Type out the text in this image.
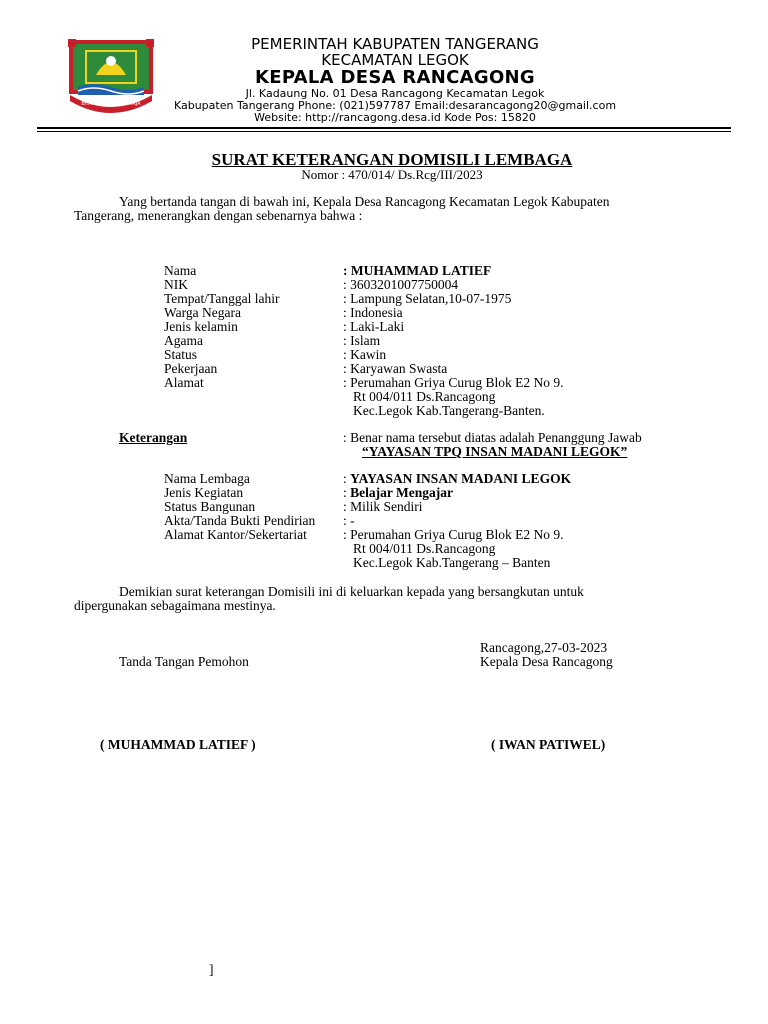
BHAKTI KARYA RAHARJA
PEMERINTAH KABUPATEN TANGERANG
KECAMATAN LEGOK
KEPALA DESA RANCAGONG
Jl. Kadaung No. 01 Desa Rancagong Kecamatan Legok
Kabupaten Tangerang Phone: (021)597787 Email:desarancagong20@gmail.com
Website: http://rancagong.desa.id Kode Pos: 15820
SURAT KETERANGAN DOMISILI LEMBAGA
Nomor : 470/014/ Ds.Rcg/III/2023
Yang bertanda tangan di bawah ini, Kepala Desa Rancagong Kecamatan Legok Kabupaten
Tangerang, menerangkan dengan sebenarnya bahwa :
Nama	: MUHAMMAD LATIEF
NIK	: 3603201007750004
Tempat/Tanggal lahir	: Lampung Selatan,10-07-1975
Warga Negara	: Indonesia
Jenis kelamin	: Laki-Laki
Agama	: Islam
Status	: Kawin
Pekerjaan	: Karyawan Swasta
Alamat	: Perumahan Griya Curug Blok E2 No 9.
Rt 004/011 Ds.Rancagong
Kec.Legok Kab.Tangerang-Banten.
Keterangan	: Benar nama tersebut diatas adalah Penanggung Jawab
“YAYASAN TPQ INSAN MADANI LEGOK”
Nama Lembaga	: YAYASAN INSAN MADANI LEGOK
Jenis Kegiatan	: Belajar Mengajar
Status Bangunan	: Milik Sendiri
Akta/Tanda Bukti Pendirian : -
Alamat Kantor/Sekertariat	: Perumahan Griya Curug Blok E2 No 9.
Rt 004/011 Ds.Rancagong
Kec.Legok Kab.Tangerang – Banten
Demikian surat keterangan Domisili ini di keluarkan kepada yang bersangkutan untuk
dipergunakan sebagaimana mestinya.
Rancagong,27-03-2023
Tanda Tangan Pemohon	Kepala Desa Rancagong
( MUHAMMAD LATIEF )	( IWAN PATIWEL)
]
